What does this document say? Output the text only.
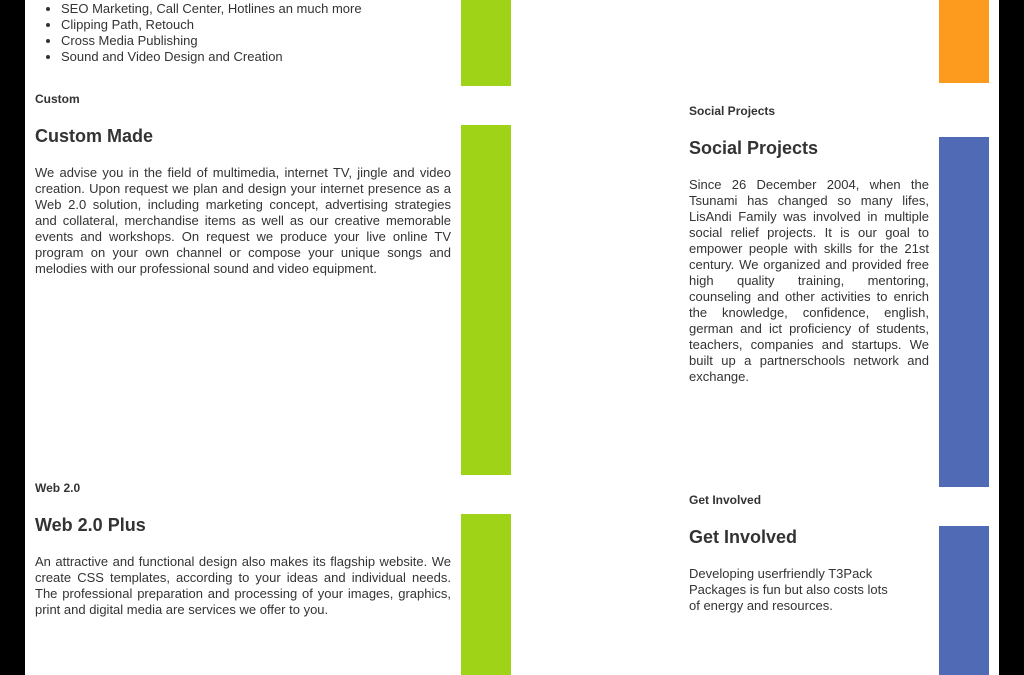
• SEO Marketing, Call Center, Hotlines an much more
• Clipping Path, Retouch
• Cross Media Publishing
• Sound and Video Design and Creation
Custom
Custom Made

We advise you in the field of multimedia, internet TV, jingle and video creation. Upon request we plan and design your internet presence as a Web 2.0 solution, including marketing concept, advertising strategies and collateral, merchandise items as well as our creative memorable events and workshops. On request we produce your live online TV program on your own channel or compose your unique songs and melodies with our professional sound and video equipment.

Web 2.0
Web 2.0 Plus

An attractive and functional design also makes its flagship website. We create CSS templates, according to your ideas and individual needs. The professional preparation and processing of your images, graphics, print and digital media are services we offer to you.

Social Projects
Social Projects

Since 26 December 2004, when the Tsunami has changed so many lifes, LisAndi Family was involved in multiple social relief projects. It is our goal to empower people with skills for the 21st century. We organized and provided free high quality training, mentoring, counseling and other activities to enrich the knowledge, confidence, english, german and ict proficiency of students, teachers, companies and startups. We built up a partnerschools network and exchange.

Get Involved
Get Involved

Developing userfriendly T3Pack Packages is fun but also costs lots of energy and resources.
